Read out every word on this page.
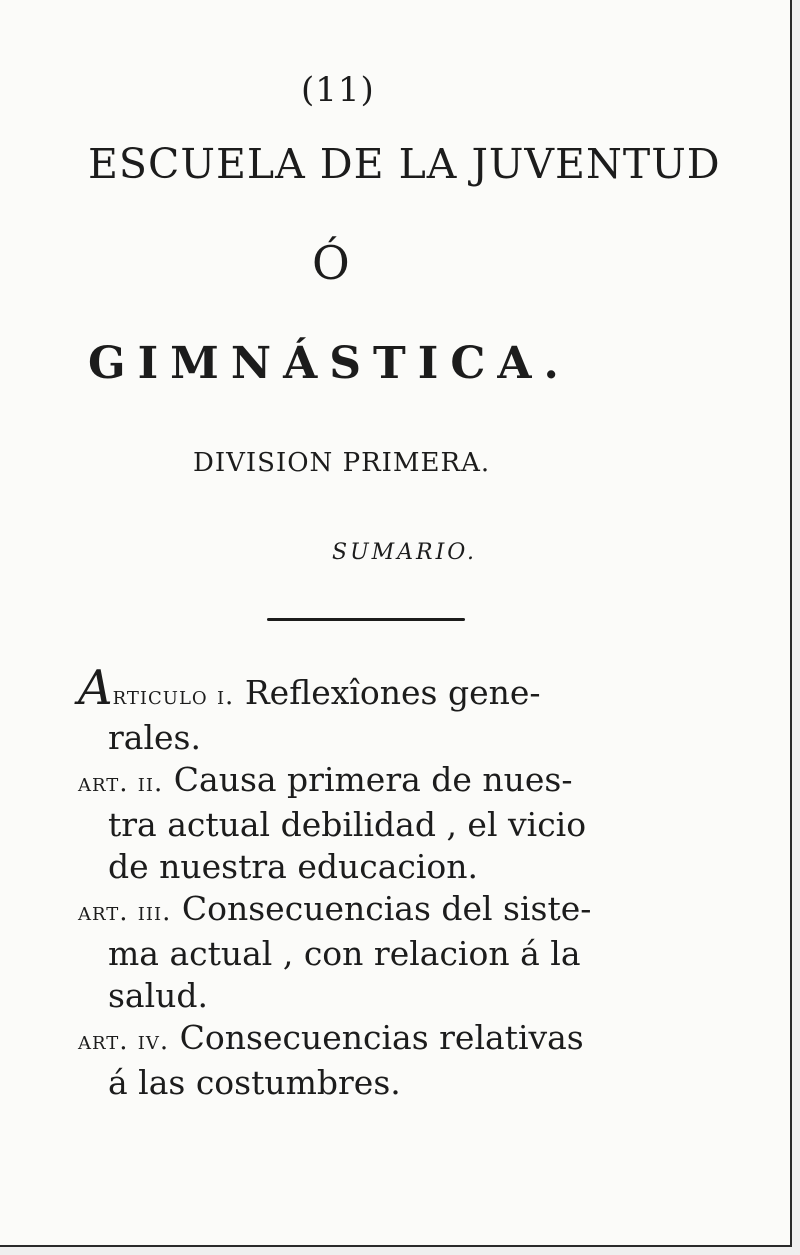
(11)
ESCUELA DE LA JUVENTUD
Ó
GIMNÁSTICA.
DIVISION PRIMERA.
SUMARIO.
Articulo i. Reflexîones gene-
rales.
art. ii. Causa primera de nues-
tra actual debilidad , el vicio
de nuestra educacion.
art. iii. Consecuencias del siste-
ma actual , con relacion á la
salud.
art. iv. Consecuencias relativas
á las costumbres.
